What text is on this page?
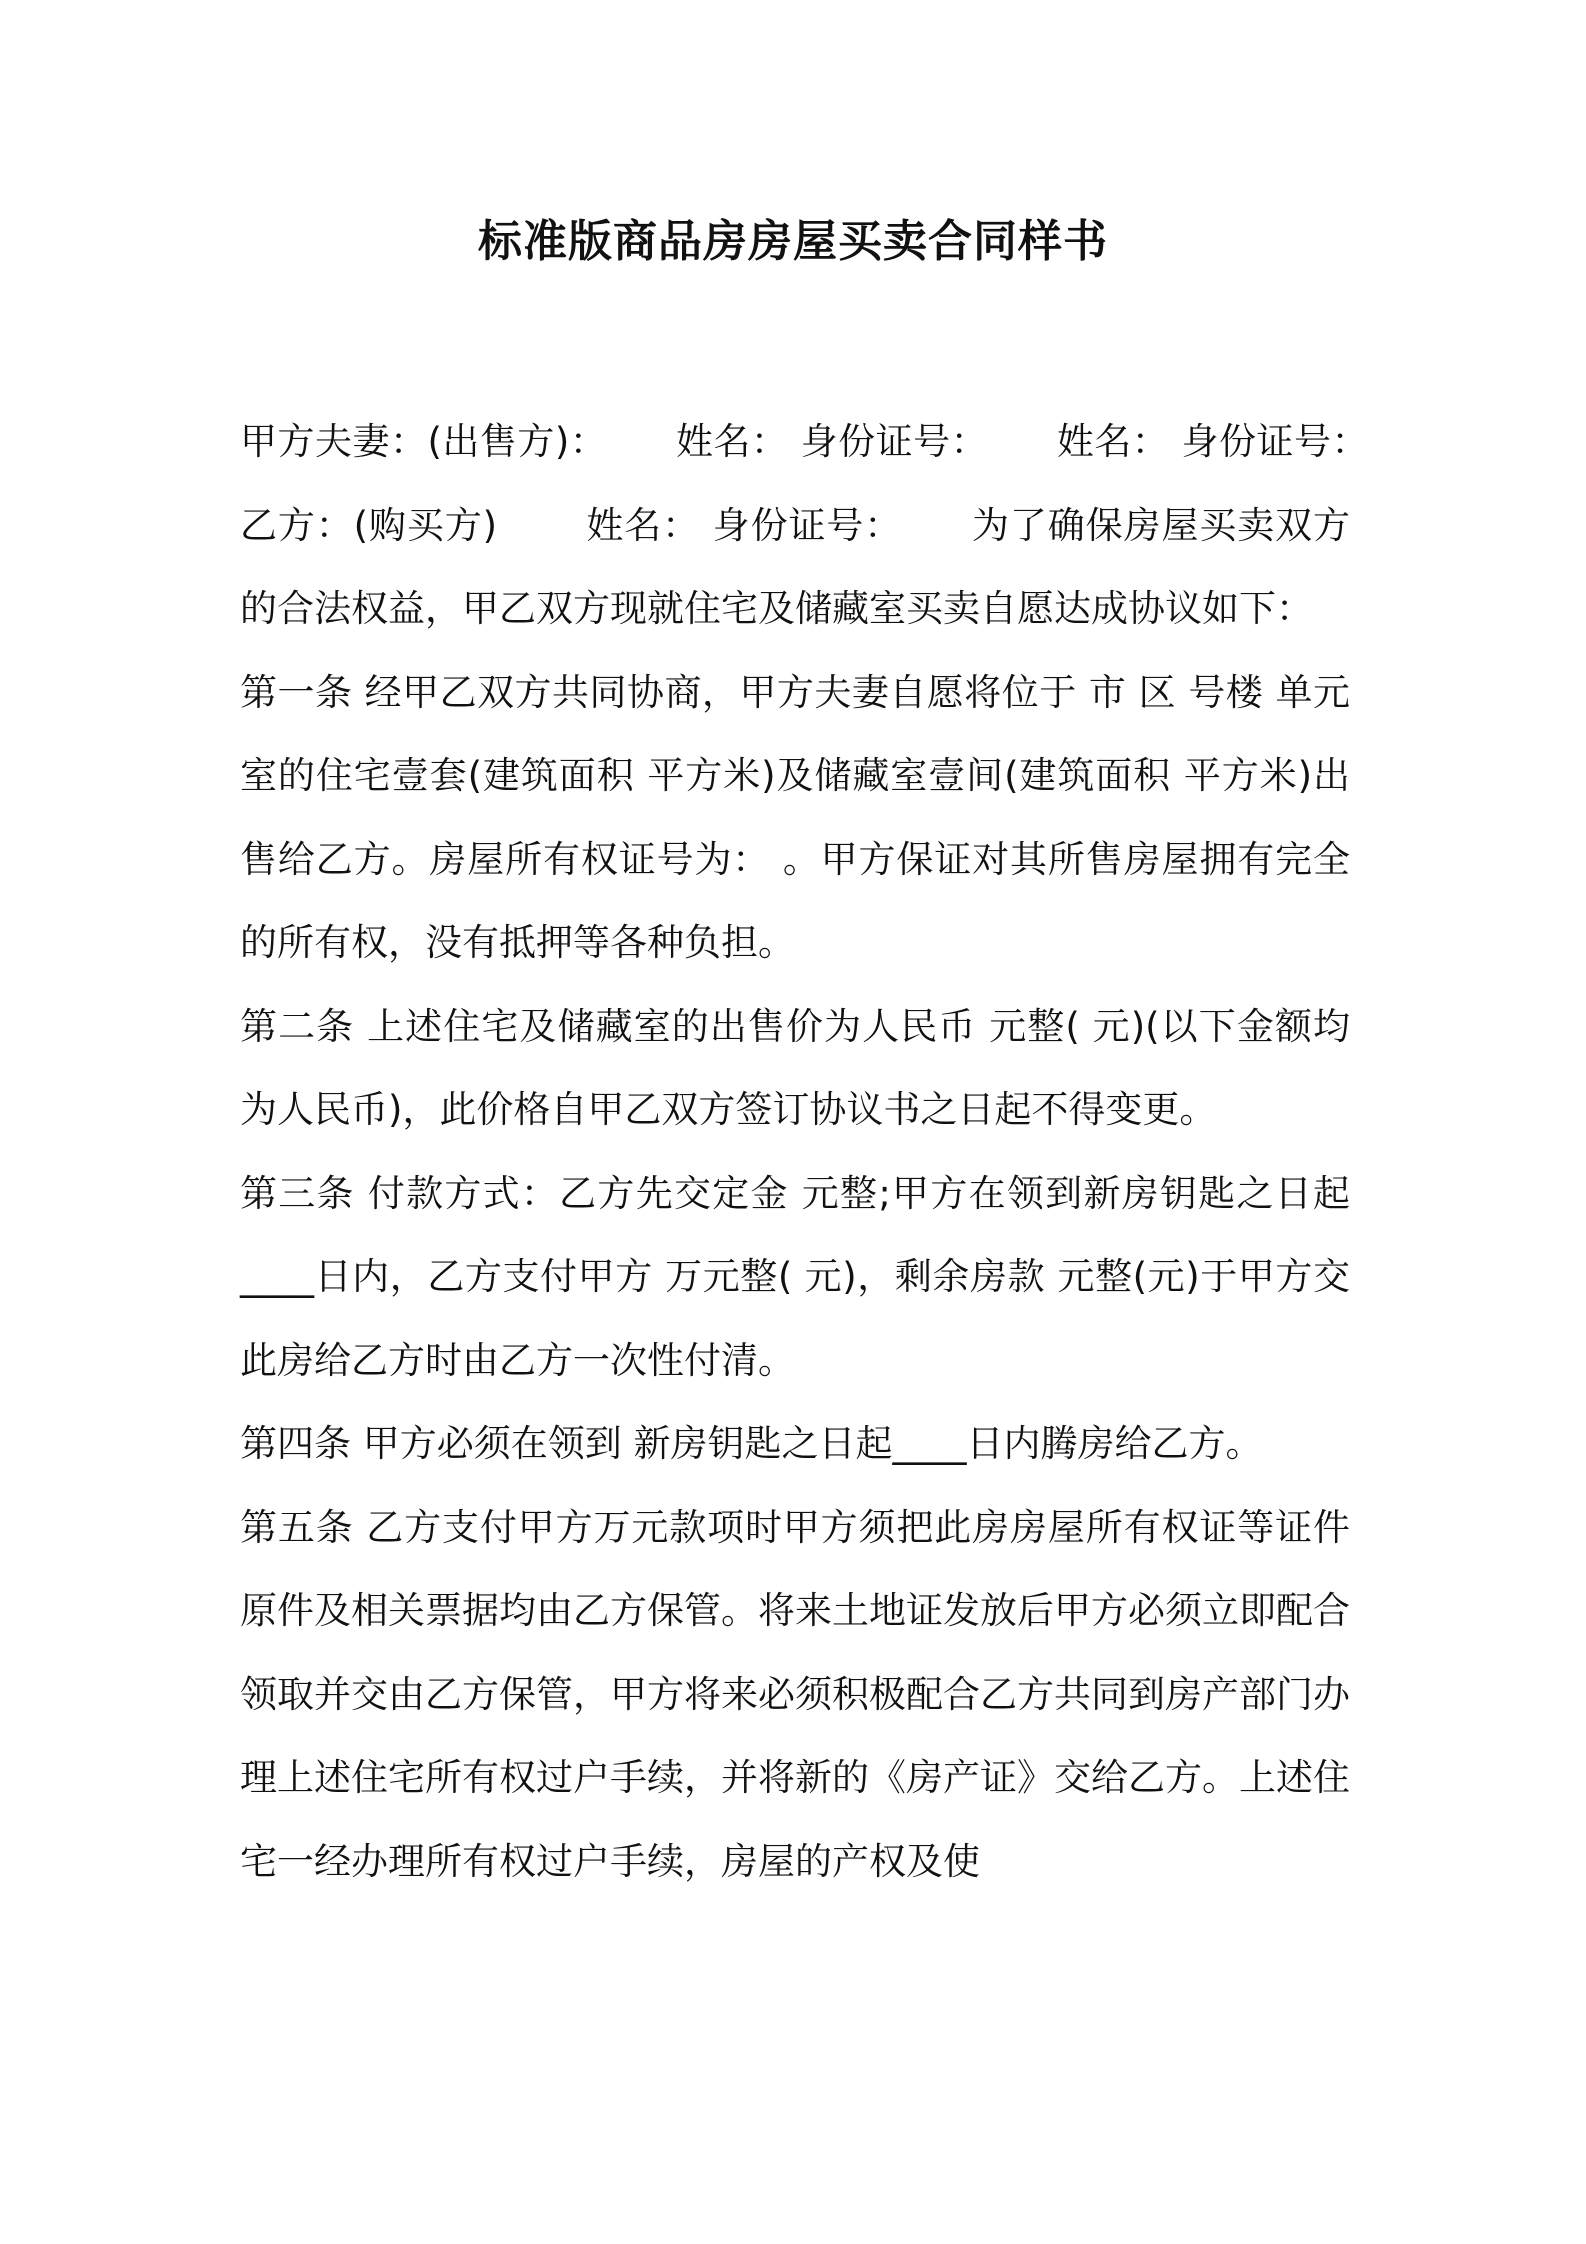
标准版商品房房屋买卖合同样书

甲方夫妻：(出售方)：　　 姓名： 身份证号：　　 姓名： 身份证号：　　 乙方：(购买方)　　 姓名： 身份证号：　　 为了确保房屋买卖双方的合法权益，甲乙双方现就住宅及储藏室买卖自愿达成协议如下：

第一条 经甲乙双方共同协商，甲方夫妻自愿将位于 市 区 号楼 单元 室的住宅壹套(建筑面积 平方米)及储藏室壹间(建筑面积 平方米)出售给乙方。房屋所有权证号为： 。甲方保证对其所售房屋拥有完全的所有权，没有抵押等各种负担。

第二条 上述住宅及储藏室的出售价为人民币 元整( 元)(以下金额均为人民币)，此价格自甲乙双方签订协议书之日起不得变更。

第三条 付款方式：乙方先交定金 元整;甲方在领到新房钥匙之日起____日内，乙方支付甲方 万元整( 元)，剩余房款 元整(元)于甲方交此房给乙方时由乙方一次性付清。

第四条 甲方必须在领到 新房钥匙之日起____日内腾房给乙方。

第五条 乙方支付甲方万元款项时甲方须把此房房屋所有权证等证件原件及相关票据均由乙方保管。将来土地证发放后甲方必须立即配合领取并交由乙方保管，甲方将来必须积极配合乙方共同到房产部门办理上述住宅所有权过户手续，并将新的《房产证》交给乙方。上述住宅一经办理所有权过户手续，房屋的产权及使
